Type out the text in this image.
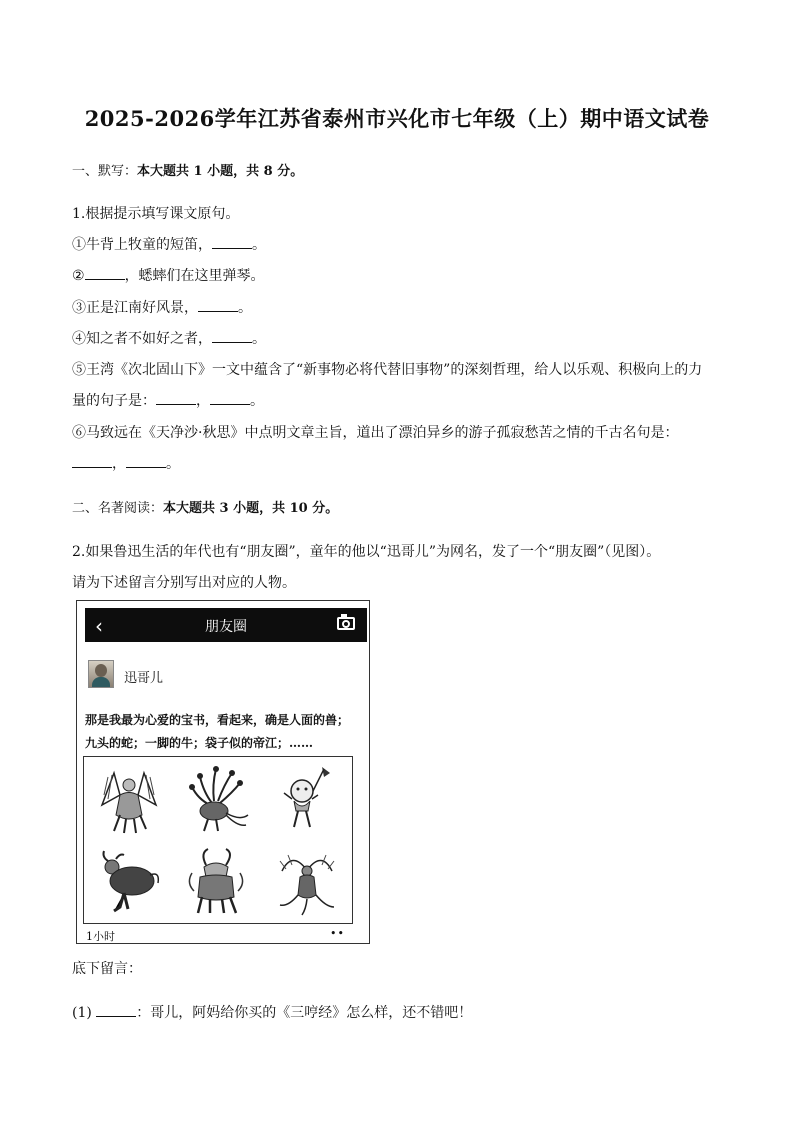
2025-2026学年江苏省泰州市兴化市七年级（上）期中语文试卷
一、默写：本大题共 1 小题，共 8 分。
1.根据提示填写课文原句。
①牛背上牧童的短笛，	。
②	，蟋蟀们在这里弹琴。
③正是江南好风景，	。
④知之者不如好之者，	。
⑤王湾《次北固山下》一文中蕴含了“新事物必将代替旧事物”的深刻哲理，给人以乐观、积极向上的力
量的句子是：	，	。
⑥马致远在《天净沙·秋思》中点明文章主旨，道出了漂泊异乡的游子孤寂愁苦之情的千古名句是：
，	。
二、名著阅读：本大题共 3 小题，共 10 分。
2.如果鲁迅生活的年代也有“朋友圈”，童年的他以“迅哥儿”为网名，发了一个“朋友圈”（见图）。
请为下述留言分别写出对应的人物。
‹	朋友圈
迅哥儿
那是我最为心爱的宝书，看起来，确是人面的兽；
九头的蛇；一脚的牛；袋子似的帝江；……
1小时	••
底下留言：
(1)	：哥儿，阿妈给你买的《三哼经》怎么样，还不错吧！
